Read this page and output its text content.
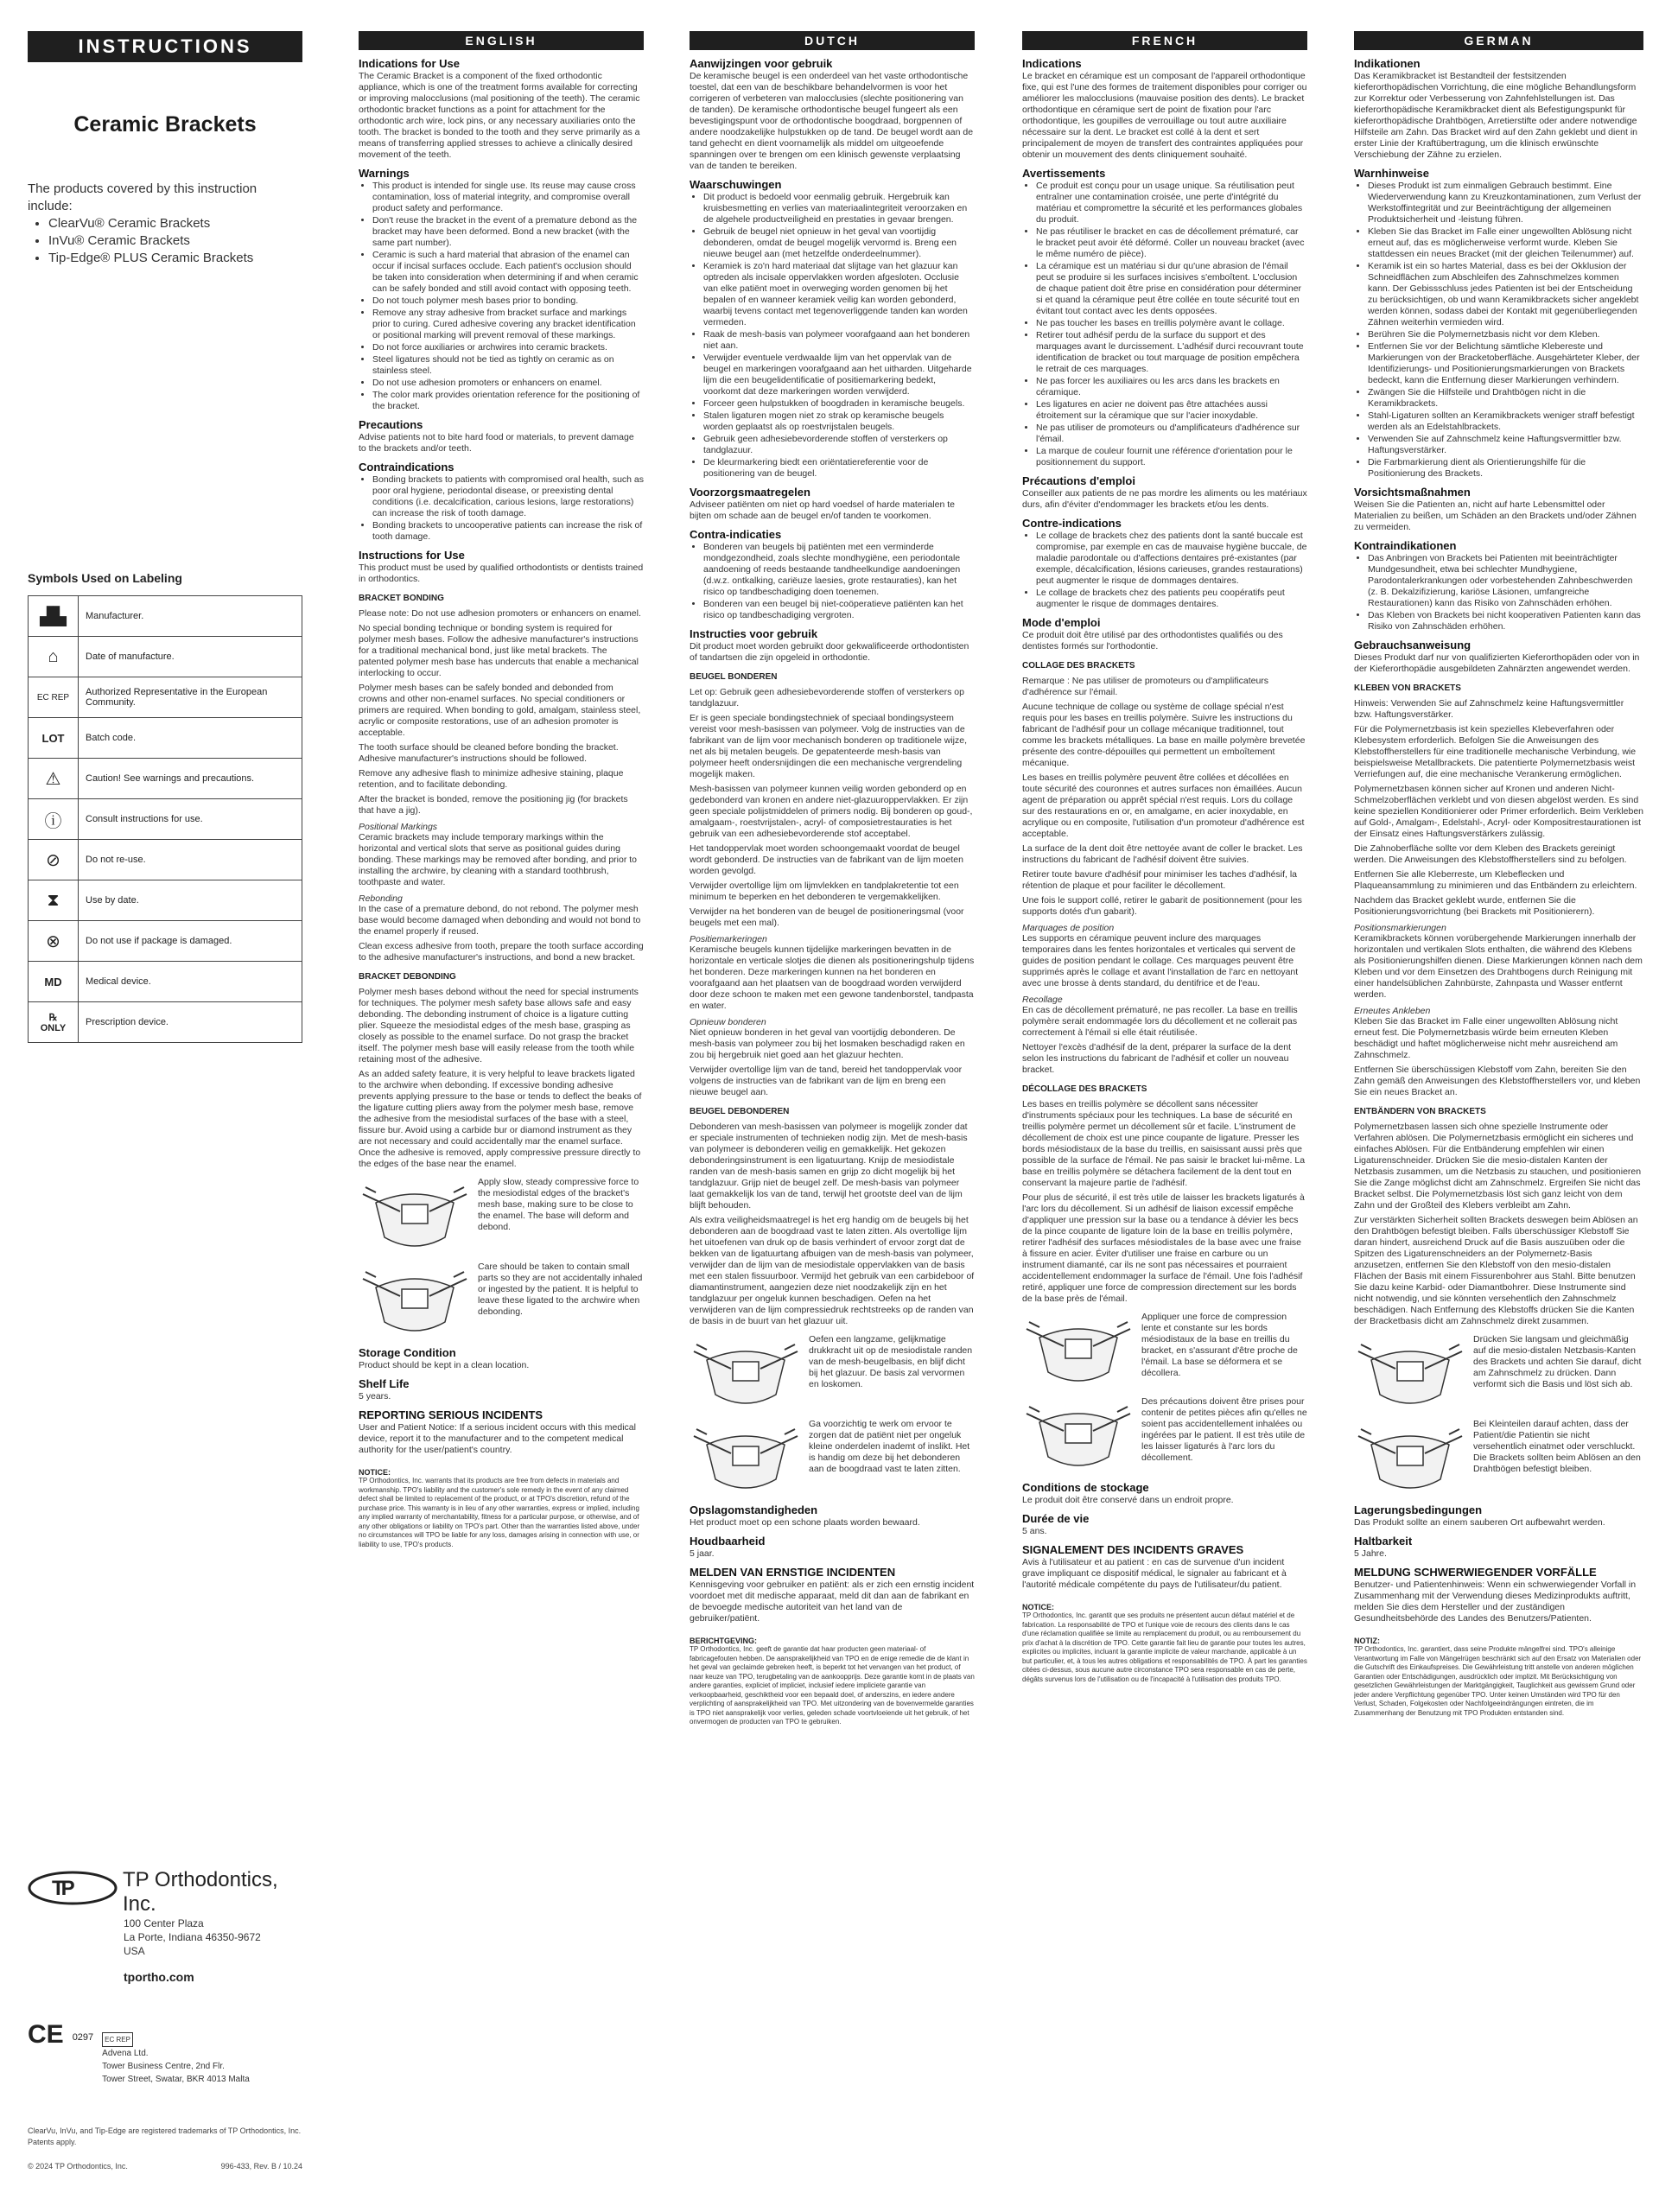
INSTRUCTIONS
Ceramic Brackets
The products covered by this instruction include:
• ClearVu® Ceramic Brackets
• InVu® Ceramic Brackets
• Tip-Edge® PLUS Ceramic Brackets
Symbols Used on Labeling
▟▙	Manufacturer.
⌂	Date of manufacture.
EC REP	Authorized Representative in the European Community.
LOT	Batch code.
⚠	Caution! See warnings and precautions.
ⓘ	Consult instructions for use.
⊘	Do not re-use.
⧗	Use by date.
⊗	Do not use if package is damaged.
MD	Medical device.
℞ ONLY	Prescription device.
TP TP Orthodontics, Inc.
100 Center Plaza
La Porte, Indiana 46350-9672
USA
tportho.com
CE 0297	EC REP
Advena Ltd.
Tower Business Centre, 2nd Flr.
Tower Street, Swatar, BKR 4013 Malta
ClearVu, InVu, and Tip-Edge are registered trademarks of TP Orthodontics, Inc. Patents apply.
© 2024 TP Orthodontics, Inc.	996-433, Rev. B / 10.24
ENGLISH
Indications for Use

The Ceramic Bracket is a component of the fixed orthodontic appliance, which is one of the treatment forms available for correcting or improving malocclusions (mal positioning of the teeth). The ceramic orthodontic bracket functions as a point for attachment for the orthodontic arch wire, lock pins, or any necessary auxiliaries onto the tooth. The bracket is bonded to the tooth and they serve primarily as a means of transferring applied stresses to achieve a clinically desired movement of the teeth.

Warnings
• This product is intended for single use. Its reuse may cause cross contamination, loss of material integrity, and compromise overall product safety and performance.
• Don't reuse the bracket in the event of a premature debond as the bracket may have been deformed. Bond a new bracket (with the same part number).
• Ceramic is such a hard material that abrasion of the enamel can occur if incisal surfaces occlude. Each patient's occlusion should be taken into consideration when determining if and when ceramic can be safely bonded and still avoid contact with opposing teeth.
• Do not touch polymer mesh bases prior to bonding.
• Remove any stray adhesive from bracket surface and markings prior to curing. Cured adhesive covering any bracket identification or positional marking will prevent removal of these markings.
• Do not force auxiliaries or archwires into ceramic brackets.
• Steel ligatures should not be tied as tightly on ceramic as on stainless steel.
• Do not use adhesion promoters or enhancers on enamel.
• The color mark provides orientation reference for the positioning of the bracket.
Precautions

Advise patients not to bite hard food or materials, to prevent damage to the brackets and/or teeth.

Contraindications
• Bonding brackets to patients with compromised oral health, such as poor oral hygiene, periodontal disease, or preexisting dental conditions (i.e. decalcification, carious lesions, large restorations) can increase the risk of tooth damage.
• Bonding brackets to uncooperative patients can increase the risk of tooth damage.
Instructions for Use

This product must be used by qualified orthodontists or dentists trained in orthodontics.

BRACKET BONDING

Please note: Do not use adhesion promoters or enhancers on enamel.

No special bonding technique or bonding system is required for polymer mesh bases. Follow the adhesive manufacturer's instructions for a traditional mechanical bond, just like metal brackets. The patented polymer mesh base has undercuts that enable a mechanical interlocking to occur.

Polymer mesh bases can be safely bonded and debonded from crowns and other non-enamel surfaces. No special conditioners or primers are required. When bonding to gold, amalgam, stainless steel, acrylic or composite restorations, use of an adhesion promoter is acceptable.

The tooth surface should be cleaned before bonding the bracket. Adhesive manufacturer's instructions should be followed.

Remove any adhesive flash to minimize adhesive staining, plaque retention, and to facilitate debonding.

After the bracket is bonded, remove the positioning jig (for brackets that have a jig).

Positional Markings

Ceramic brackets may include temporary markings within the horizontal and vertical slots that serve as positional guides during bonding. These markings may be removed after bonding, and prior to installing the archwire, by cleaning with a standard toothbrush, toothpaste and water.

Rebonding

In the case of a premature debond, do not rebond. The polymer mesh base would become damaged when debonding and would not bond to the enamel properly if reused.

Clean excess adhesive from tooth, prepare the tooth surface according to the adhesive manufacturer's instructions, and bond a new bracket.

BRACKET DEBONDING

Polymer mesh bases debond without the need for special instruments for techniques. The polymer mesh safety base allows safe and easy debonding. The debonding instrument of choice is a ligature cutting plier. Squeeze the mesiodistal edges of the mesh base, grasping as closely as possible to the enamel surface. Do not grasp the bracket itself. The polymer mesh base will easily release from the tooth while retaining most of the adhesive.

As an added safety feature, it is very helpful to leave brackets ligated to the archwire when debonding. If excessive bonding adhesive prevents applying pressure to the base or tends to deflect the beaks of the ligature cutting pliers away from the polymer mesh base, remove the adhesive from the mesiodistal surfaces of the base with a steel, fissure bur. Avoid using a carbide bur or diamond instrument as they are not necessary and could accidentally mar the enamel surface. Once the adhesive is removed, apply compressive pressure directly to the edges of the base near the enamel.

Apply slow, steady compressive force to the mesiodistal edges of the bracket's mesh base, making sure to be close to the enamel. The base will deform and debond.

Care should be taken to contain small parts so they are not accidentally inhaled or ingested by the patient. It is helpful to leave these ligated to the archwire when debonding.

Storage Condition

Product should be kept in a clean location.

Shelf Life

5 years.

REPORTING SERIOUS INCIDENTS

User and Patient Notice: If a serious incident occurs with this medical device, report it to the manufacturer and to the competent medical authority for the user/patient's country.

NOTICE:
TP Orthodontics, Inc. warrants that its products are free from defects in materials and workmanship. TPO's liability and the customer's sole remedy in the event of any claimed defect shall be limited to replacement of the product, or at TPO's discretion, refund of the purchase price. This warranty is in lieu of any other warranties, express or implied, including any implied warranty of merchantability, fitness for a particular purpose, or otherwise, and of any other obligations or liability on TPO's part. Other than the warranties listed above, under no circumstances will TPO be liable for any loss, damages arising in connection with use, or liability to use, TPO's products.
DUTCH
Aanwijzingen voor gebruik

De keramische beugel is een onderdeel van het vaste orthodontische toestel, dat een van de beschikbare behandelvormen is voor het corrigeren of verbeteren van malocclusies (slechte positionering van de tanden). De keramische orthodontische beugel fungeert als een bevestigingspunt voor de orthodontische boogdraad, borgpennen of andere noodzakelijke hulpstukken op de tand. De beugel wordt aan de tand gehecht en dient voornamelijk als middel om uitgeoefende spanningen over te brengen om een klinisch gewenste verplaatsing van de tanden te bereiken.

Waarschuwingen
• Dit product is bedoeld voor eenmalig gebruik. Hergebruik kan kruisbesmetting en verlies van materiaalintegriteit veroorzaken en de algehele productveiligheid en prestaties in gevaar brengen.
• Gebruik de beugel niet opnieuw in het geval van voortijdig debonderen, omdat de beugel mogelijk vervormd is. Breng een nieuwe beugel aan (met hetzelfde onderdeelnummer).
• Keramiek is zo'n hard materiaal dat slijtage van het glazuur kan optreden als incisale oppervlakken worden afgesloten. Occlusie van elke patiënt moet in overweging worden genomen bij het bepalen of en wanneer keramiek veilig kan worden gebonderd, waarbij tevens contact met tegenoverliggende tanden kan worden vermeden.
• Raak de mesh-basis van polymeer voorafgaand aan het bonderen niet aan.
• Verwijder eventuele verdwaalde lijm van het oppervlak van de beugel en markeringen voorafgaand aan het uitharden. Uitgeharde lijm die een beugelidentificatie of positiemarkering bedekt, voorkomt dat deze markeringen worden verwijderd.
• Forceer geen hulpstukken of boogdraden in keramische beugels.
• Stalen ligaturen mogen niet zo strak op keramische beugels worden geplaatst als op roestvrijstalen beugels.
• Gebruik geen adhesiebevorderende stoffen of versterkers op tandglazuur.
• De kleurmarkering biedt een oriëntatiereferentie voor de positionering van de beugel.
Voorzorgsmaatregelen

Adviseer patiënten om niet op hard voedsel of harde materialen te bijten om schade aan de beugel en/of tanden te voorkomen.

Contra-indicaties
• Bonderen van beugels bij patiënten met een verminderde mondgezondheid, zoals slechte mondhygiëne, een periodontale aandoening of reeds bestaande tandheelkundige aandoeningen (d.w.z. ontkalking, cariëuze laesies, grote restauraties), kan het risico op tandbeschadiging doen toenemen.
• Bonderen van een beugel bij niet-coöperatieve patiënten kan het risico op tandbeschadiging vergroten.
Instructies voor gebruik

Dit product moet worden gebruikt door gekwalificeerde orthodontisten of tandartsen die zijn opgeleid in orthodontie.

BEUGEL BONDEREN

Let op: Gebruik geen adhesiebevorderende stoffen of versterkers op tandglazuur.

Er is geen speciale bondingstechniek of speciaal bondingsysteem vereist voor mesh-basissen van polymeer. Volg de instructies van de fabrikant van de lijm voor mechanisch bonderen op traditionele wijze, net als bij metalen beugels. De gepatenteerde mesh-basis van polymeer heeft ondersnijdingen die een mechanische vergrendeling mogelijk maken.

Mesh-basissen van polymeer kunnen veilig worden gebonderd op en gedebonderd van kronen en andere niet-glazuuroppervlakken. Er zijn geen speciale polijstmiddelen of primers nodig. Bij bonderen op goud-, amalgaam-, roestvrijstalen-, acryl- of composietrestauraties is het gebruik van een adhesiebevorderende stof acceptabel.

Het tandoppervlak moet worden schoongemaakt voordat de beugel wordt gebonderd. De instructies van de fabrikant van de lijm moeten worden gevolgd.

Verwijder overtollige lijm om lijmvlekken en tandplakretentie tot een minimum te beperken en het debonderen te vergemakkelijken.

Verwijder na het bonderen van de beugel de positioneringsmal (voor beugels met een mal).

Positiemarkeringen

Keramische beugels kunnen tijdelijke markeringen bevatten in de horizontale en verticale slotjes die dienen als positioneringshulp tijdens het bonderen. Deze markeringen kunnen na het bonderen en voorafgaand aan het plaatsen van de boogdraad worden verwijderd door deze schoon te maken met een gewone tandenborstel, tandpasta en water.

Opnieuw bonderen

Niet opnieuw bonderen in het geval van voortijdig debonderen. De mesh-basis van polymeer zou bij het losmaken beschadigd raken en zou bij hergebruik niet goed aan het glazuur hechten.

Verwijder overtollige lijm van de tand, bereid het tandoppervlak voor volgens de instructies van de fabrikant van de lijm en breng een nieuwe beugel aan.

BEUGEL DEBONDEREN

Debonderen van mesh-basissen van polymeer is mogelijk zonder dat er speciale instrumenten of technieken nodig zijn. Met de mesh-basis van polymeer is debonderen veilig en gemakkelijk. Het gekozen debonderingsinstrument is een ligatuurtang. Knijp de mesiodistale randen van de mesh-basis samen en grijp zo dicht mogelijk bij het tandglazuur. Grijp niet de beugel zelf. De mesh-basis van polymeer laat gemakkelijk los van de tand, terwijl het grootste deel van de lijm blijft behouden.

Als extra veiligheidsmaatregel is het erg handig om de beugels bij het debonderen aan de boogdraad vast te laten zitten. Als overtollige lijm het uitoefenen van druk op de basis verhindert of ervoor zorgt dat de bekken van de ligatuurtang afbuigen van de mesh-basis van polymeer, verwijder dan de lijm van de mesiodistale oppervlakken van de basis met een stalen fissuurboor. Vermijd het gebruik van een carbideboor of diamantinstrument, aangezien deze niet noodzakelijk zijn en het tandglazuur per ongeluk kunnen beschadigen. Oefen na het verwijderen van de lijm compressiedruk rechtstreeks op de randen van de basis in de buurt van het glazuur uit.

Oefen een langzame, gelijkmatige drukkracht uit op de mesiodistale randen van de mesh-beugelbasis, en blijf dicht bij het glazuur. De basis zal vervormen en loskomen.

Ga voorzichtig te werk om ervoor te zorgen dat de patiënt niet per ongeluk kleine onderdelen inademt of inslikt. Het is handig om deze bij het debonderen aan de boogdraad vast te laten zitten.

Opslagomstandigheden

Het product moet op een schone plaats worden bewaard.

Houdbaarheid

5 jaar.

MELDEN VAN ERNSTIGE INCIDENTEN

Kennisgeving voor gebruiker en patiënt: als er zich een ernstig incident voordoet met dit medische apparaat, meld dit dan aan de fabrikant en de bevoegde medische autoriteit van het land van de gebruiker/patiënt.

BERICHTGEVING:
TP Orthodontics, Inc. geeft de garantie dat haar producten geen materiaal- of fabricagefouten hebben. De aansprakelijkheid van TPO en de enige remedie die de klant in het geval van geclaimde gebreken heeft, is beperkt tot het vervangen van het product, of naar keuze van TPO, terugbetaling van de aankoopprijs. Deze garantie komt in de plaats van andere garanties, expliciet of impliciet, inclusief iedere impliciete garantie van verkoopbaarheid, geschiktheid voor een bepaald doel, of anderszins, en iedere andere verplichting of aansprakelijkheid van TPO. Met uitzondering van de bovenvermelde garanties is TPO niet aansprakelijk voor verlies, geleden schade voortvloeiende uit het gebruik, of het onvermogen de producten van TPO te gebruiken.
FRENCH
Indications

Le bracket en céramique est un composant de l'appareil orthodontique fixe, qui est l'une des formes de traitement disponibles pour corriger ou améliorer les malocclusions (mauvaise position des dents). Le bracket orthodontique en céramique sert de point de fixation pour l'arc orthodontique, les goupilles de verrouillage ou tout autre auxiliaire nécessaire sur la dent. Le bracket est collé à la dent et sert principalement de moyen de transfert des contraintes appliquées pour obtenir un mouvement des dents cliniquement souhaité.

Avertissements
• Ce produit est conçu pour un usage unique. Sa réutilisation peut entraîner une contamination croisée, une perte d'intégrité du matériau et compromettre la sécurité et les performances globales du produit.
• Ne pas réutiliser le bracket en cas de décollement prématuré, car le bracket peut avoir été déformé. Coller un nouveau bracket (avec le même numéro de pièce).
• La céramique est un matériau si dur qu'une abrasion de l'émail peut se produire si les surfaces incisives s'emboîtent. L'occlusion de chaque patient doit être prise en considération pour déterminer si et quand la céramique peut être collée en toute sécurité tout en évitant tout contact avec les dents opposées.
• Ne pas toucher les bases en treillis polymère avant le collage.
• Retirer tout adhésif perdu de la surface du support et des marquages avant le durcissement. L'adhésif durci recouvrant toute identification de bracket ou tout marquage de position empêchera le retrait de ces marquages.
• Ne pas forcer les auxiliaires ou les arcs dans les brackets en céramique.
• Les ligatures en acier ne doivent pas être attachées aussi étroitement sur la céramique que sur l'acier inoxydable.
• Ne pas utiliser de promoteurs ou d'amplificateurs d'adhérence sur l'émail.
• La marque de couleur fournit une référence d'orientation pour le positionnement du support.
Précautions d'emploi

Conseiller aux patients de ne pas mordre les aliments ou les matériaux durs, afin d'éviter d'endommager les brackets et/ou les dents.

Contre-indications
• Le collage de brackets chez des patients dont la santé buccale est compromise, par exemple en cas de mauvaise hygiène buccale, de maladie parodontale ou d'affections dentaires pré-existantes (par exemple, décalcification, lésions carieuses, grandes restaurations) peut augmenter le risque de dommages dentaires.
• Le collage de brackets chez des patients peu coopératifs peut augmenter le risque de dommages dentaires.
Mode d'emploi

Ce produit doit être utilisé par des orthodontistes qualifiés ou des dentistes formés sur l'orthodontie.

COLLAGE DES BRACKETS

Remarque : Ne pas utiliser de promoteurs ou d'amplificateurs d'adhérence sur l'émail.

Aucune technique de collage ou système de collage spécial n'est requis pour les bases en treillis polymère. Suivre les instructions du fabricant de l'adhésif pour un collage mécanique traditionnel, tout comme les brackets métalliques. La base en maille polymère brevetée présente des contre-dépouilles qui permettent un emboîtement mécanique.

Les bases en treillis polymère peuvent être collées et décollées en toute sécurité des couronnes et autres surfaces non émaillées. Aucun agent de préparation ou apprêt spécial n'est requis. Lors du collage sur des restaurations en or, en amalgame, en acier inoxydable, en acrylique ou en composite, l'utilisation d'un promoteur d'adhérence est acceptable.

La surface de la dent doit être nettoyée avant de coller le bracket. Les instructions du fabricant de l'adhésif doivent être suivies.

Retirer toute bavure d'adhésif pour minimiser les taches d'adhésif, la rétention de plaque et pour faciliter le décollement.

Une fois le support collé, retirer le gabarit de positionnement (pour les supports dotés d'un gabarit).

Marquages de position

Les supports en céramique peuvent inclure des marquages temporaires dans les fentes horizontales et verticales qui servent de guides de position pendant le collage. Ces marquages peuvent être supprimés après le collage et avant l'installation de l'arc en nettoyant avec une brosse à dents standard, du dentifrice et de l'eau.

Recollage

En cas de décollement prématuré, ne pas recoller. La base en treillis polymère serait endommagée lors du décollement et ne collerait pas correctement à l'émail si elle était réutilisée.

Nettoyer l'excès d'adhésif de la dent, préparer la surface de la dent selon les instructions du fabricant de l'adhésif et coller un nouveau bracket.

DÉCOLLAGE DES BRACKETS

Les bases en treillis polymère se décollent sans nécessiter d'instruments spéciaux pour les techniques. La base de sécurité en treillis polymère permet un décollement sûr et facile. L'instrument de décollement de choix est une pince coupante de ligature. Presser les bords mésiodistaux de la base du treillis, en saisissant aussi près que possible de la surface de l'émail. Ne pas saisir le bracket lui-même. La base en treillis polymère se détachera facilement de la dent tout en conservant la majeure partie de l'adhésif.

Pour plus de sécurité, il est très utile de laisser les brackets ligaturés à l'arc lors du décollement. Si un adhésif de liaison excessif empêche d'appliquer une pression sur la base ou a tendance à dévier les becs de la pince coupante de ligature loin de la base en treillis polymère, retirer l'adhésif des surfaces mésiodistales de la base avec une fraise à fissure en acier. Éviter d'utiliser une fraise en carbure ou un instrument diamanté, car ils ne sont pas nécessaires et pourraient accidentellement endommager la surface de l'émail. Une fois l'adhésif retiré, appliquer une force de compression directement sur les bords de la base près de l'émail.

Appliquer une force de compression lente et constante sur les bords mésiodistaux de la base en treillis du bracket, en s'assurant d'être proche de l'émail. La base se déformera et se décollera.

Des précautions doivent être prises pour contenir de petites pièces afin qu'elles ne soient pas accidentellement inhalées ou ingérées par le patient. Il est très utile de les laisser ligaturés à l'arc lors du décollement.

Conditions de stockage

Le produit doit être conservé dans un endroit propre.

Durée de vie

5 ans.

SIGNALEMENT DES INCIDENTS GRAVES

Avis à l'utilisateur et au patient : en cas de survenue d'un incident grave impliquant ce dispositif médical, le signaler au fabricant et à l'autorité médicale compétente du pays de l'utilisateur/du patient.

NOTICE:
TP Orthodontics, Inc. garantit que ses produits ne présentent aucun défaut matériel et de fabrication. La responsabilité de TPO et l'unique voie de recours des clients dans le cas d'une réclamation qualifiée se limite au remplacement du produit, ou au remboursement du prix d'achat à la discrétion de TPO. Cette garantie fait lieu de garantie pour toutes les autres, explicites ou implicites, incluant la garantie implicite de valeur marchande, applicable à un but particulier, et, à tous les autres obligations et responsabilités de TPO. À part les garanties citées ci-dessus, sous aucune autre circonstance TPO sera responsable en cas de perte, dégâts survenus lors de l'utilisation ou de l'incapacité à l'utilisation des produits TPO.
GERMAN
Indikationen

Das Keramikbracket ist Bestandteil der festsitzenden kieferorthopädischen Vorrichtung, die eine mögliche Behandlungsform zur Korrektur oder Verbesserung von Zahnfehlstellungen ist. Das kieferorthopädische Keramikbracket dient als Befestigungspunkt für kieferorthopädische Drahtbögen, Arretierstifte oder andere notwendige Hilfsteile am Zahn. Das Bracket wird auf den Zahn geklebt und dient in erster Linie der Kraftübertragung, um die klinisch erwünschte Verschiebung der Zähne zu erzielen.

Warnhinweise
• Dieses Produkt ist zum einmaligen Gebrauch bestimmt. Eine Wiederverwendung kann zu Kreuzkontaminationen, zum Verlust der Werkstoffintegrität und zur Beeinträchtigung der allgemeinen Produktsicherheit und -leistung führen.
• Kleben Sie das Bracket im Falle einer ungewollten Ablösung nicht erneut auf, das es möglicherweise verformt wurde. Kleben Sie stattdessen ein neues Bracket (mit der gleichen Teilenummer) auf.
• Keramik ist ein so hartes Material, dass es bei der Okklusion der Schneidflächen zum Abschleifen des Zahnschmelzes kommen kann. Der Gebissschluss jedes Patienten ist bei der Entscheidung zu berücksichtigen, ob und wann Keramikbrackets sicher angeklebt werden können, sodass dabei der Kontakt mit gegenüberliegenden Zähnen weiterhin vermieden wird.
• Berühren Sie die Polymernetzbasis nicht vor dem Kleben.
• Entfernen Sie vor der Belichtung sämtliche Klebereste und Markierungen von der Bracketoberfläche. Ausgehärteter Kleber, der Identifizierungs- und Positionierungsmarkierungen von Brackets bedeckt, kann die Entfernung dieser Markierungen verhindern.
• Zwängen Sie die Hilfsteile und Drahtbögen nicht in die Keramikbrackets.
• Stahl-Ligaturen sollten an Keramikbrackets weniger straff befestigt werden als an Edelstahlbrackets.
• Verwenden Sie auf Zahnschmelz keine Haftungsvermittler bzw. Haftungsverstärker.
• Die Farbmarkierung dient als Orientierungshilfe für die Positionierung des Brackets.
Vorsichtsmaßnahmen

Weisen Sie die Patienten an, nicht auf harte Lebensmittel oder Materialien zu beißen, um Schäden an den Brackets und/oder Zähnen zu vermeiden.

Kontraindikationen
• Das Anbringen von Brackets bei Patienten mit beeinträchtigter Mundgesundheit, etwa bei schlechter Mundhygiene, Parodontalerkrankungen oder vorbestehenden Zahnbeschwerden (z. B. Dekalzifizierung, kariöse Läsionen, umfangreiche Restaurationen) kann das Risiko von Zahnschäden erhöhen.
• Das Kleben von Brackets bei nicht kooperativen Patienten kann das Risiko von Zahnschäden erhöhen.
Gebrauchsanweisung

Dieses Produkt darf nur von qualifizierten Kieferorthopäden oder von in der Kieferorthopädie ausgebildeten Zahnärzten angewendet werden.

KLEBEN VON BRACKETS

Hinweis: Verwenden Sie auf Zahnschmelz keine Haftungsvermittler bzw. Haftungsverstärker.

Für die Polymernetzbasis ist kein spezielles Klebeverfahren oder Klebesystem erforderlich. Befolgen Sie die Anweisungen des Klebstoffherstellers für eine traditionelle mechanische Verbindung, wie beispielsweise Metallbrackets. Die patentierte Polymernetzbasis weist Verriefungen auf, die eine mechanische Verankerung ermöglichen.

Polymernetzbasen können sicher auf Kronen und anderen Nicht-Schmelzoberflächen verklebt und von diesen abgelöst werden. Es sind keine speziellen Konditionierer oder Primer erforderlich. Beim Verkleben auf Gold-, Amalgam-, Edelstahl-, Acryl- oder Kompositrestaurationen ist der Einsatz eines Haftungsverstärkers zulässig.

Die Zahnoberfläche sollte vor dem Kleben des Brackets gereinigt werden. Die Anweisungen des Klebstoffherstellers sind zu befolgen.

Entfernen Sie alle Kleberreste, um Klebeflecken und Plaqueansammlung zu minimieren und das Entbändern zu erleichtern.

Nachdem das Bracket geklebt wurde, entfernen Sie die Positionierungsvorrichtung (bei Brackets mit Positionierern).

Positionsmarkierungen

Keramikbrackets können vorübergehende Markierungen innerhalb der horizontalen und vertikalen Slots enthalten, die während des Klebens als Positionierungshilfen dienen. Diese Markierungen können nach dem Kleben und vor dem Einsetzen des Drahtbogens durch Reinigung mit einer handelsüblichen Zahnbürste, Zahnpasta und Wasser entfernt werden.

Erneutes Ankleben

Kleben Sie das Bracket im Falle einer ungewollten Ablösung nicht erneut fest. Die Polymernetzbasis würde beim erneuten Kleben beschädigt und haftet möglicherweise nicht mehr ausreichend am Zahnschmelz.

Entfernen Sie überschüssigen Klebstoff vom Zahn, bereiten Sie den Zahn gemäß den Anweisungen des Klebstoffherstellers vor, und kleben Sie ein neues Bracket an.

ENTBÄNDERN VON BRACKETS

Polymernetzbasen lassen sich ohne spezielle Instrumente oder Verfahren ablösen. Die Polymernetzbasis ermöglicht ein sicheres und einfaches Ablösen. Für die Entbänderung empfehlen wir einen Ligaturenschneider. Drücken Sie die mesio-distalen Kanten der Netzbasis zusammen, um die Netzbasis zu stauchen, und positionieren Sie die Zange möglichst dicht am Zahnschmelz. Ergreifen Sie nicht das Bracket selbst. Die Polymernetzbasis löst sich ganz leicht von dem Zahn und der Großteil des Klebers verbleibt am Zahn.

Zur verstärkten Sicherheit sollten Brackets deswegen beim Ablösen an den Drahtbögen befestigt bleiben. Falls überschüssiger Klebstoff Sie daran hindert, ausreichend Druck auf die Basis auszuüben oder die Spitzen des Ligaturenschneiders an der Polymernetz-Basis anzusetzen, entfernen Sie den Klebstoff von den mesio-distalen Flächen der Basis mit einem Fissurenbohrer aus Stahl. Bitte benutzen Sie dazu keine Karbid- oder Diamantbohrer. Diese Instrumente sind nicht notwendig, und sie könnten versehentlich den Zahnschmelz beschädigen. Nach Entfernung des Klebstoffs drücken Sie die Kanten der Bracketbasis dicht am Zahnschmelz direkt zusammen.

Drücken Sie langsam und gleichmäßig auf die mesio-distalen Netzbasis-Kanten des Brackets und achten Sie darauf, dicht am Zahnschmelz zu drücken. Dann verformt sich die Basis und löst sich ab.

Bei Kleinteilen darauf achten, dass der Patient/die Patientin sie nicht versehentlich einatmet oder verschluckt. Die Brackets sollten beim Ablösen an den Drahtbögen befestigt bleiben.

Lagerungsbedingungen

Das Produkt sollte an einem sauberen Ort aufbewahrt werden.

Haltbarkeit

5 Jahre.

MELDUNG SCHWERWIEGENDER VORFÄLLE

Benutzer- und Patientenhinweis: Wenn ein schwerwiegender Vorfall in Zusammenhang mit der Verwendung dieses Medizinprodukts auftritt, melden Sie dies dem Hersteller und der zuständigen Gesundheitsbehörde des Landes des Benutzers/Patienten.

NOTIZ:
TP Orthodontics, Inc. garantiert, dass seine Produkte mängelfrei sind. TPO's alleinige Verantwortung im Falle von Mängelrügen beschränkt sich auf den Ersatz von Materialien oder die Gutschrift des Einkaufspreises. Die Gewährleistung tritt anstelle von anderen möglichen Garantien oder Entschädigungen, ausdrücklich oder implizit. Mit Berücksichtigung von gesetzlichen Gewährleistungen der Marktgängigkeit, Tauglichkeit aus gewissem Grund oder jeder andere Verpflichtung gegenüber TPO. Unter keinen Umständen wird TPO für den Verlust, Schaden, Folgekosten oder Nachfolgeeindrängungen eintreten, die im Zusammenhang der Benutzung mit TPO Produkten entstanden sind.
